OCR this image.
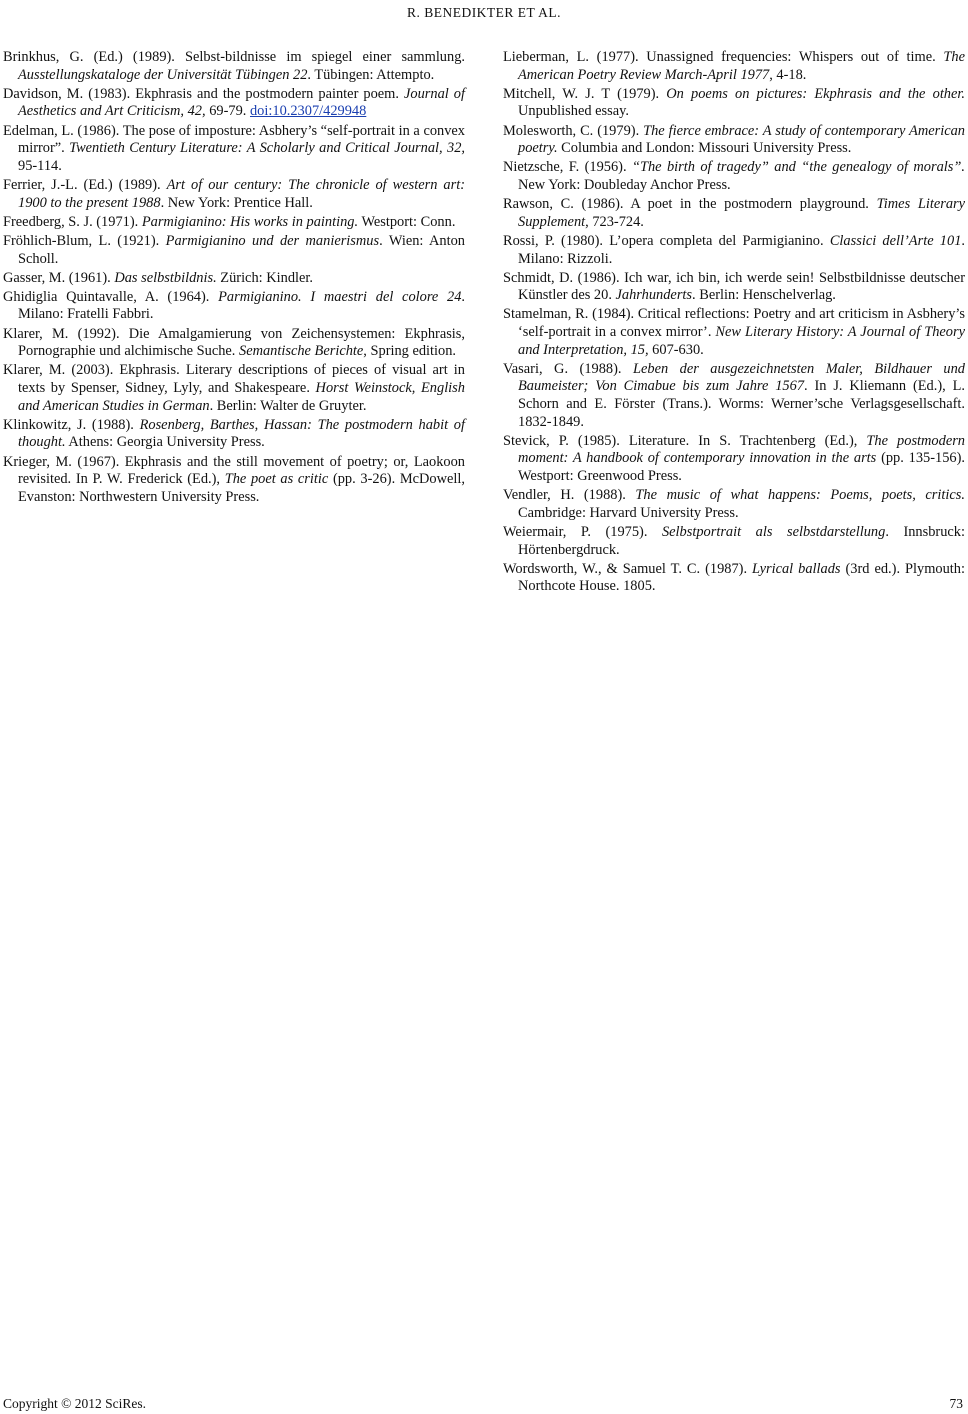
R. BENEDIKTER ET AL.

Brinkhus, G. (Ed.) (1989). Selbst-bildnisse im spiegel einer sammlung. Ausstellungskataloge der Universität Tübingen 22. Tübingen: Attempto.

Davidson, M. (1983). Ekphrasis and the postmodern painter poem. Journal of Aesthetics and Art Criticism, 42, 69-79. doi:10.2307/429948

Edelman, L. (1986). The pose of imposture: Asbhery’s “self-portrait in a convex mirror”. Twentieth Century Literature: A Scholarly and Critical Journal, 32, 95-114.

Ferrier, J.-L. (Ed.) (1989). Art of our century: The chronicle of western art: 1900 to the present 1988. New York: Prentice Hall.

Freedberg, S. J. (1971). Parmigianino: His works in painting. Westport: Conn.

Fröhlich-Blum, L. (1921). Parmigianino und der manierismus. Wien: Anton Scholl.

Gasser, M. (1961). Das selbstbildnis. Zürich: Kindler.

Ghidiglia Quintavalle, A. (1964). Parmigianino. I maestri del colore 24. Milano: Fratelli Fabbri.

Klarer, M. (1992). Die Amalgamierung von Zeichensystemen: Ekphrasis, Pornographie und alchimische Suche. Semantische Berichte, Spring edition.

Klarer, M. (2003). Ekphrasis. Literary descriptions of pieces of visual art in texts by Spenser, Sidney, Lyly, and Shakespeare. Horst Weinstock, English and American Studies in German. Berlin: Walter de Gruyter.

Klinkowitz, J. (1988). Rosenberg, Barthes, Hassan: The postmodern habit of thought. Athens: Georgia University Press.

Krieger, M. (1967). Ekphrasis and the still movement of poetry; or, Laokoon revisited. In P. W. Frederick (Ed.), The poet as critic (pp. 3-26). McDowell, Evanston: Northwestern University Press.

Lieberman, L. (1977). Unassigned frequencies: Whispers out of time. The American Poetry Review March-April 1977, 4-18.

Mitchell, W. J. T (1979). On poems on pictures: Ekphrasis and the other. Unpublished essay.

Molesworth, C. (1979). The fierce embrace: A study of contemporary American poetry. Columbia and London: Missouri University Press.

Nietzsche, F. (1956). “The birth of tragedy” and “the genealogy of morals”. New York: Doubleday Anchor Press.

Rawson, C. (1986). A poet in the postmodern playground. Times Literary Supplement, 723-724.

Rossi, P. (1980). L’opera completa del Parmigianino. Classici dell’Arte 101. Milano: Rizzoli.

Schmidt, D. (1986). Ich war, ich bin, ich werde sein! Selbstbildnisse deutscher Künstler des 20. Jahrhunderts. Berlin: Henschelverlag.

Stamelman, R. (1984). Critical reflections: Poetry and art criticism in Asbhery’s ‘self-portrait in a convex mirror’. New Literary History: A Journal of Theory and Interpretation, 15, 607-630.

Vasari, G. (1988). Leben der ausgezeichnetsten Maler, Bildhauer und Baumeister; Von Cimabue bis zum Jahre 1567. In J. Kliemann (Ed.), L. Schorn and E. Förster (Trans.). Worms: Werner’sche Verlagsgesellschaft. 1832-1849.

Stevick, P. (1985). Literature. In S. Trachtenberg (Ed.), The postmodern moment: A handbook of contemporary innovation in the arts (pp. 135-156). Westport: Greenwood Press.

Vendler, H. (1988). The music of what happens: Poems, poets, critics. Cambridge: Harvard University Press.

Weiermair, P. (1975). Selbstportrait als selbstdarstellung. Innsbruck: Hörtenbergdruck.

Wordsworth, W., & Samuel T. C. (1987). Lyrical ballads (3rd ed.). Plymouth: Northcote House. 1805.

Copyright © 2012 SciRes.	73
